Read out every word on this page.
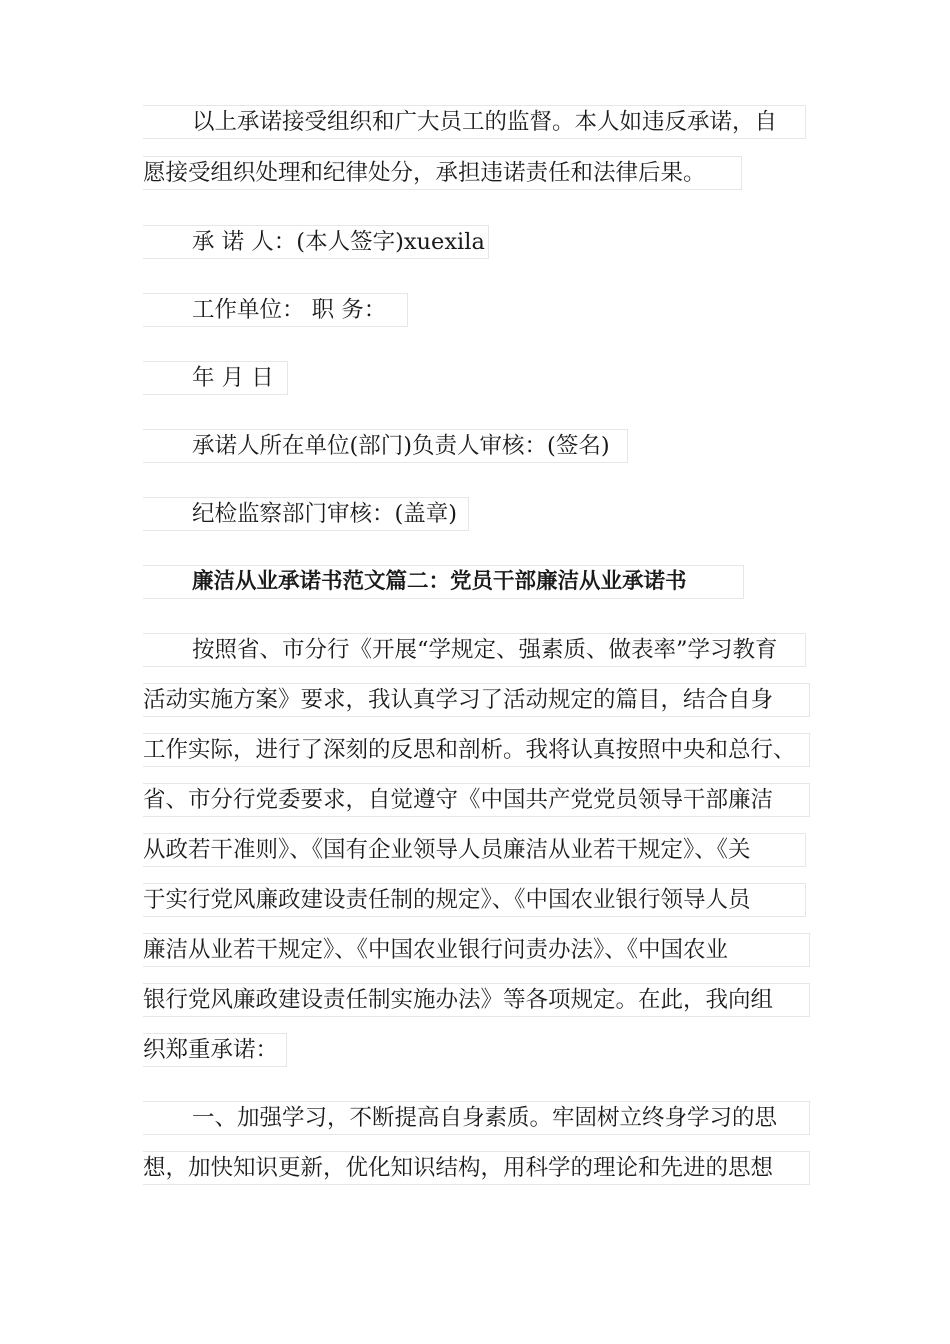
以上承诺接受组织和广大员工的监督。本人如违反承诺，自
愿接受组织处理和纪律处分，承担违诺责任和法律后果。
承 诺 人：(本人签字)xuexila
工作单位： 职 务：
年 月 日
承诺人所在单位(部门)负责人审核：(签名)
纪检监察部门审核：(盖章)
廉洁从业承诺书范文篇二：党员干部廉洁从业承诺书
按照省、市分行《开展“学规定、强素质、做表率”学习教育
活动实施方案》要求，我认真学习了活动规定的篇目，结合自身
工作实际，进行了深刻的反思和剖析。我将认真按照中央和总行、
省、市分行党委要求，自觉遵守《中国共产党党员领导干部廉洁
从政若干准则》、《国有企业领导人员廉洁从业若干规定》、《关
于实行党风廉政建设责任制的规定》、《中国农业银行领导人员
廉洁从业若干规定》、《中国农业银行问责办法》、《中国农业
银行党风廉政建设责任制实施办法》等各项规定。在此，我向组
织郑重承诺：
一、加强学习，不断提高自身素质。牢固树立终身学习的思
想，加快知识更新，优化知识结构，用科学的理论和先进的思想
